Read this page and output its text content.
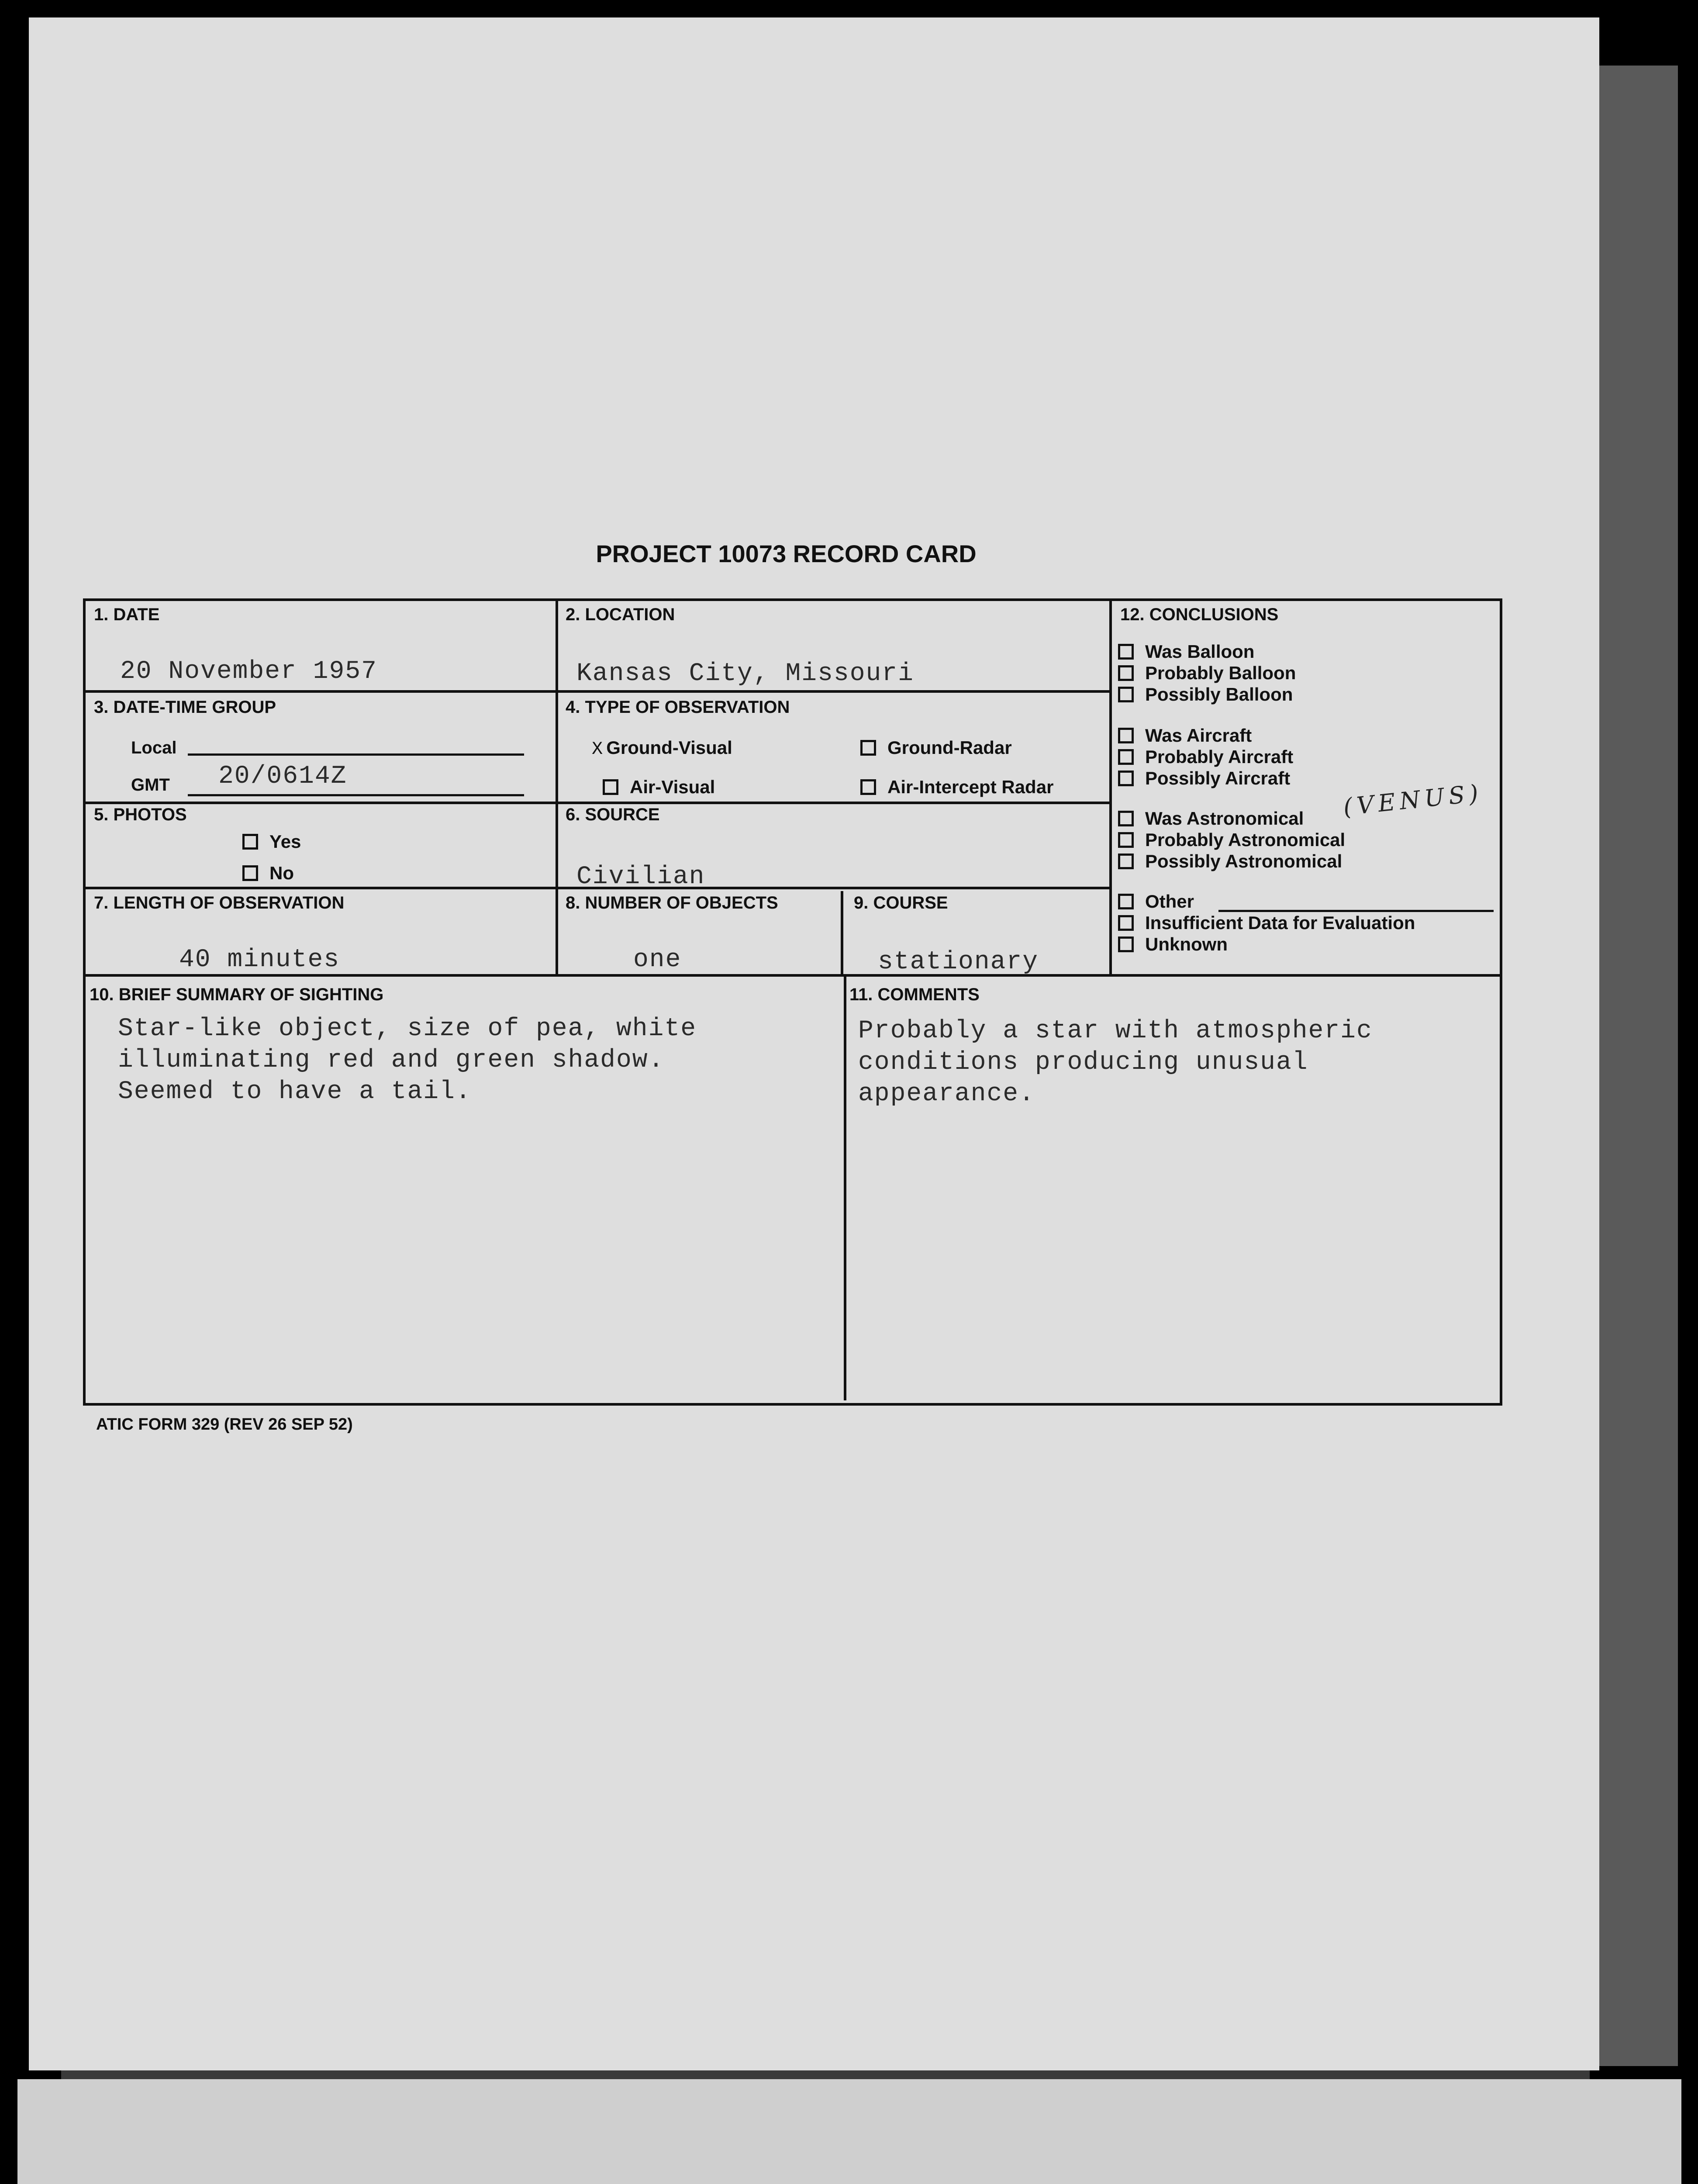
PROJECT 10073 RECORD CARD
1. DATE
20 November 1957
2. LOCATION
Kansas City, Missouri
3. DATE-TIME GROUP
Local
GMT 20/0614Z
4. TYPE OF OBSERVATION
X Ground-Visual	Ground-Radar
Air-Visual	Air-Intercept Radar
5. PHOTOS
Yes
No
6. SOURCE
Civilian
7. LENGTH OF OBSERVATION
40 minutes
8. NUMBER OF OBJECTS
one
9. COURSE
stationary
10. BRIEF SUMMARY OF SIGHTING
Star-like object, size of pea, white
illuminating red and green shadow.
Seemed to have a tail.
11. COMMENTS
Probably a star with atmospheric
conditions producing unusual
appearance.
12. CONCLUSIONS
Was Balloon
Probably Balloon
Possibly Balloon
Was Aircraft
Probably Aircraft
Possibly Aircraft
Was Astronomical
Probably Astronomical
Possibly Astronomical
Other
Insufficient Data for Evaluation
Unknown
(VENUS)
ATIC FORM 329 (REV 26 SEP 52)
